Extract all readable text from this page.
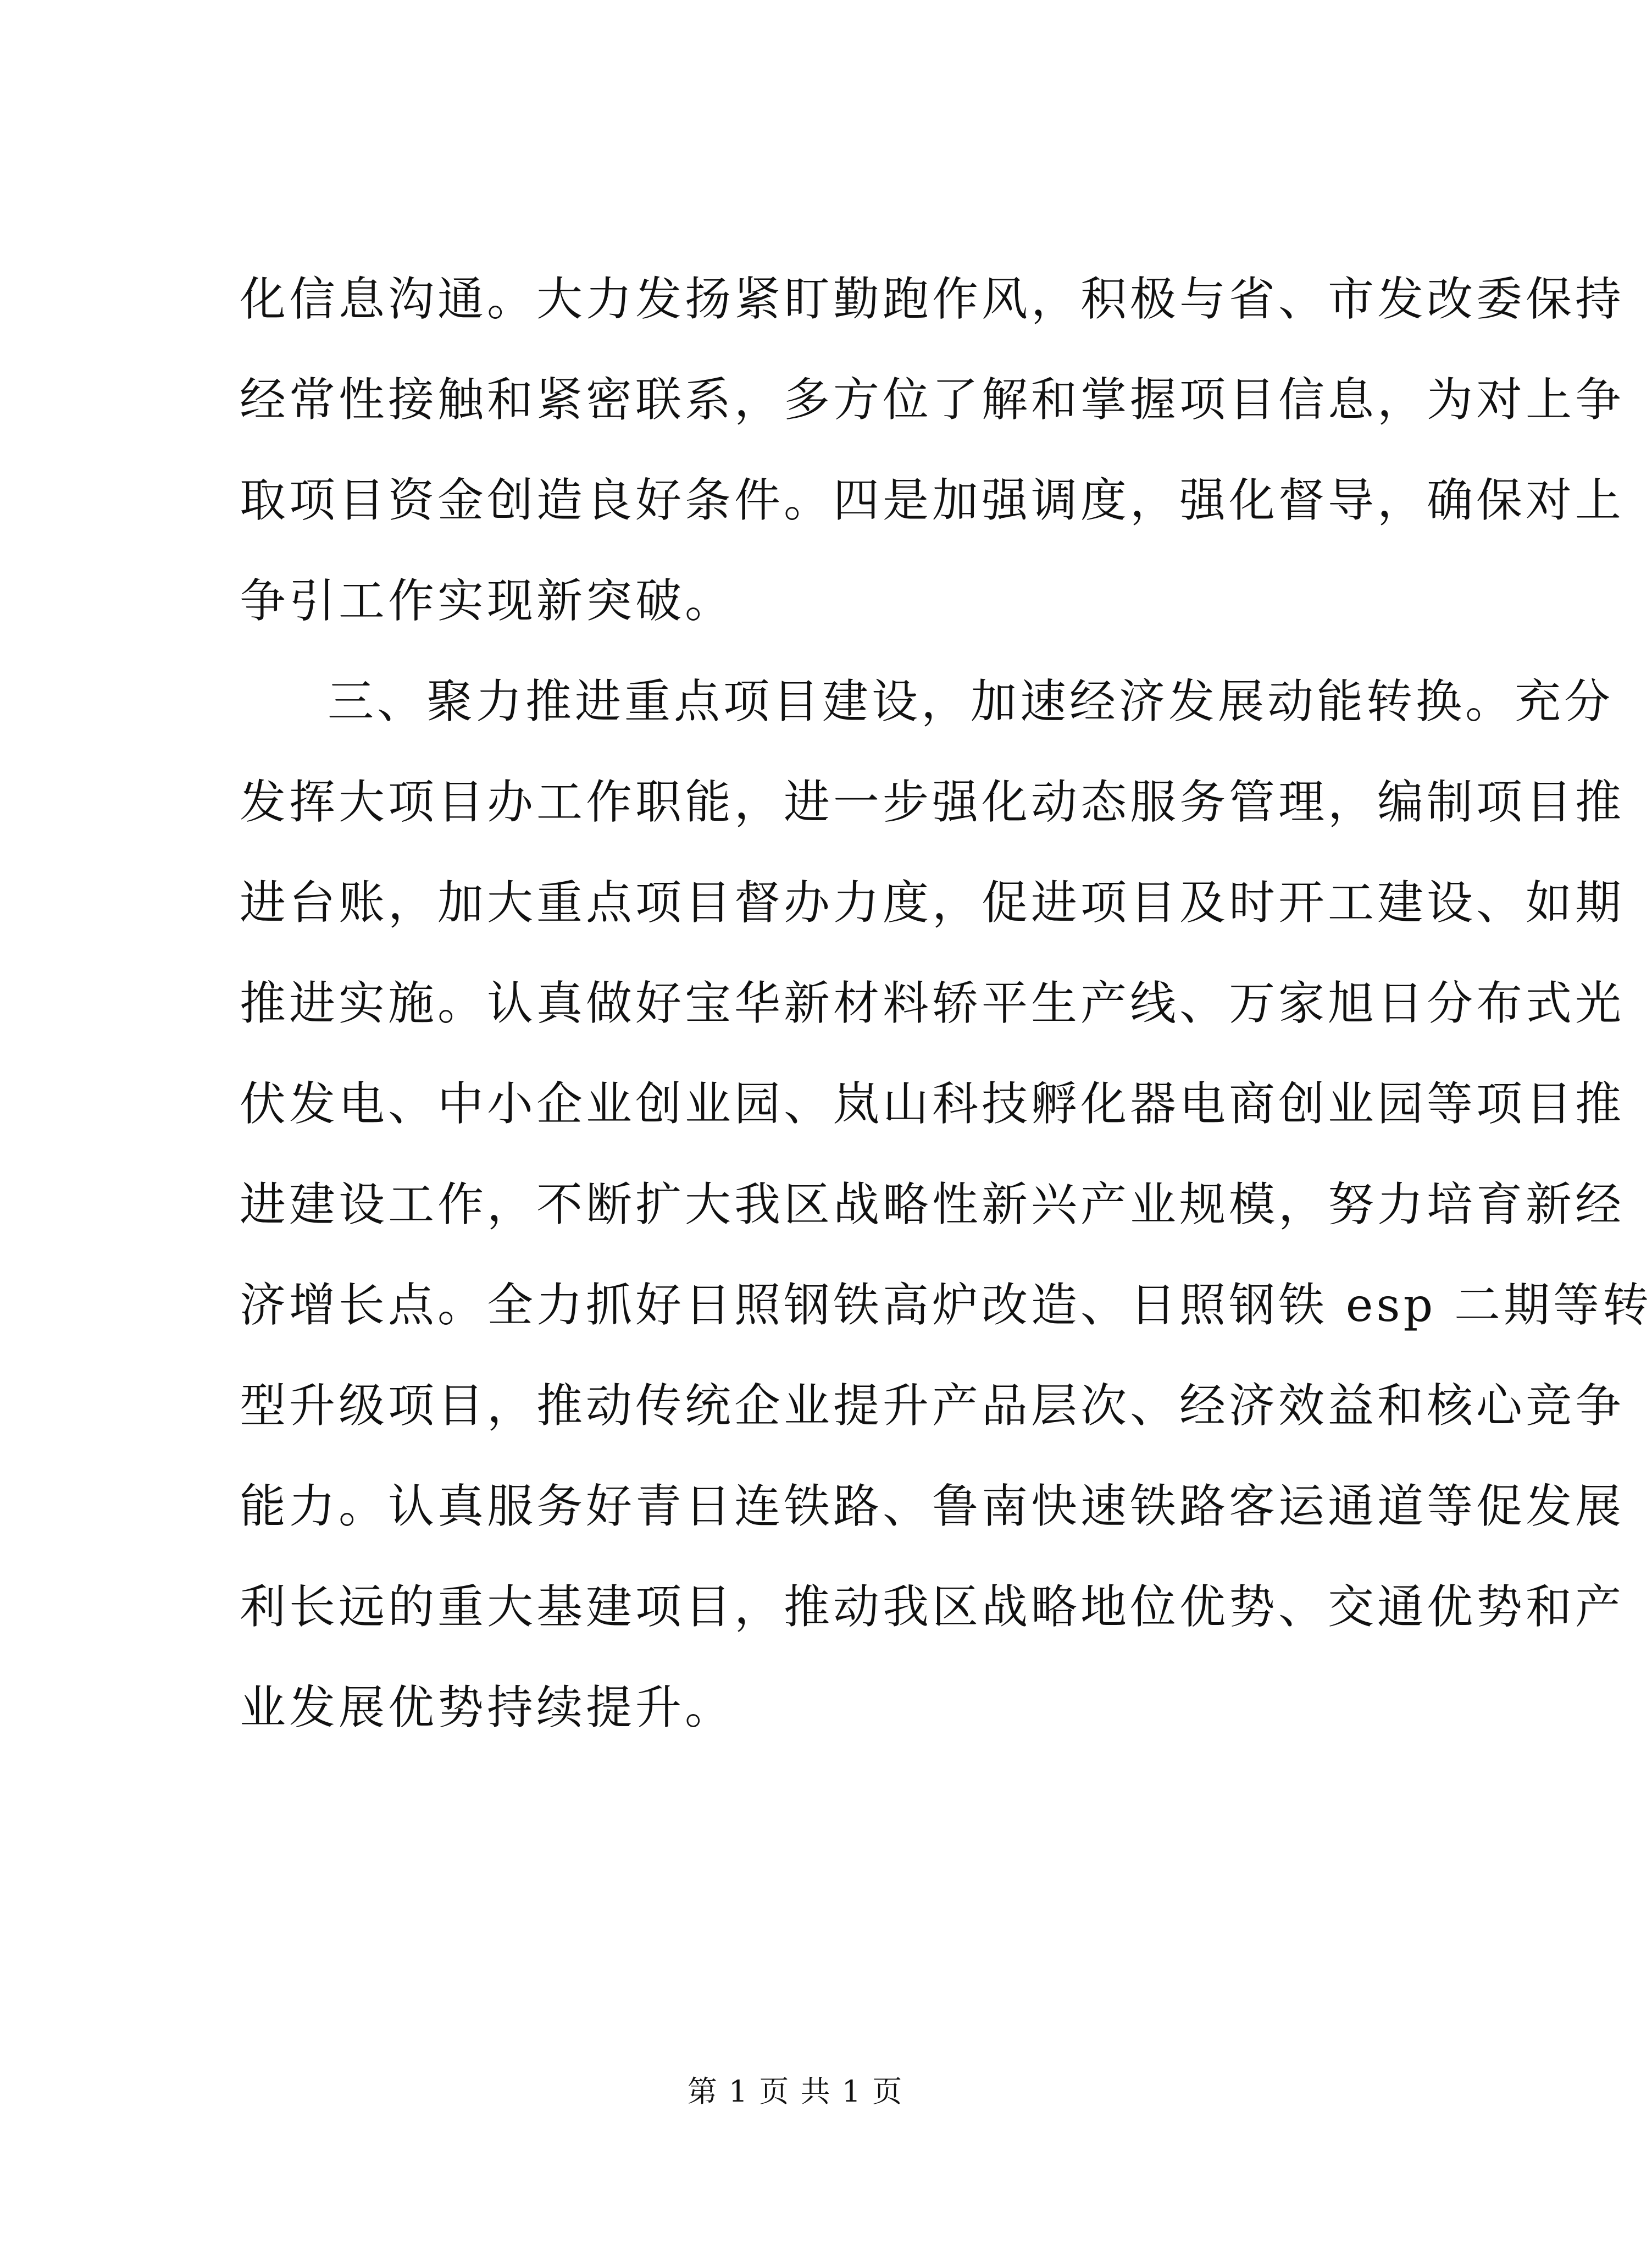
化信息沟通。大力发扬紧盯勤跑作风，积极与省、市发改委保持
经常性接触和紧密联系，多方位了解和掌握项目信息，为对上争
取项目资金创造良好条件。四是加强调度，强化督导，确保对上
争引工作实现新突破。
三、聚力推进重点项目建设，加速经济发展动能转换。充分
发挥大项目办工作职能，进一步强化动态服务管理，编制项目推
进台账，加大重点项目督办力度，促进项目及时开工建设、如期
推进实施。认真做好宝华新材料轿平生产线、万家旭日分布式光
伏发电、中小企业创业园、岚山科技孵化器电商创业园等项目推
进建设工作，不断扩大我区战略性新兴产业规模，努力培育新经
济增长点。全力抓好日照钢铁高炉改造、日照钢铁 esp 二期等转
型升级项目，推动传统企业提升产品层次、经济效益和核心竞争
能力。认真服务好青日连铁路、鲁南快速铁路客运通道等促发展
利长远的重大基建项目，推动我区战略地位优势、交通优势和产
业发展优势持续提升。
第 1 页 共 1 页
